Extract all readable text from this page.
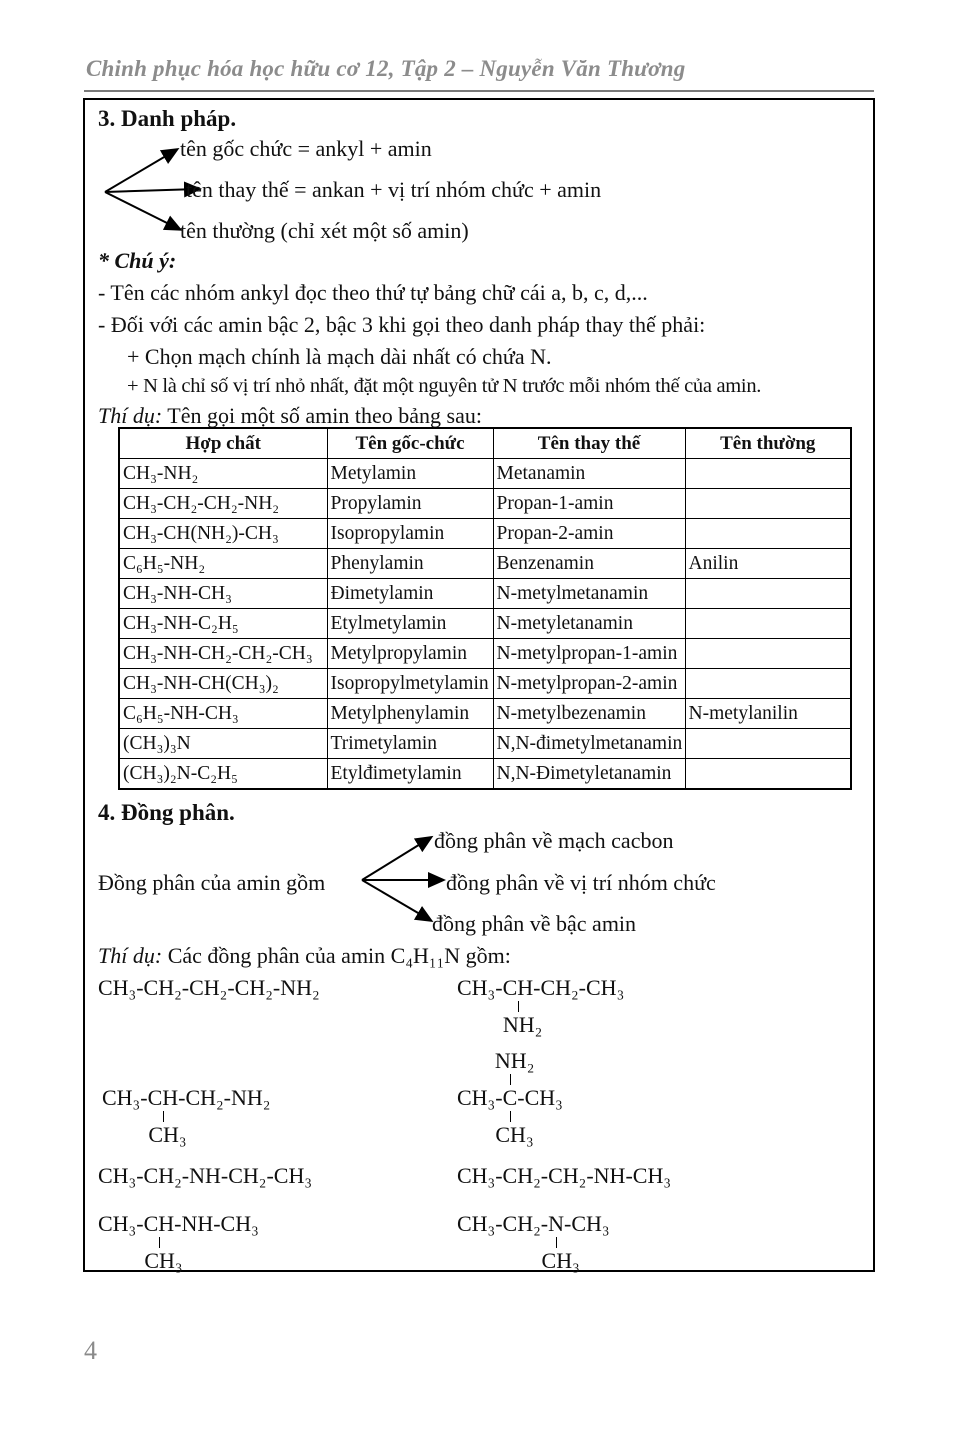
Chinh phục hóa học hữu cơ 12, Tập 2 – Nguyễn Văn Thương
3. Danh pháp.
tên gốc chức = ankyl + amin
tên thay thế = ankan + vị trí nhóm chức + amin
tên thường (chỉ xét một số amin)
* Chú ý:
- Tên các nhóm ankyl đọc theo thứ tự bảng chữ cái a, b, c, d,...
- Đối với các amin bậc 2, bậc 3 khi gọi theo danh pháp thay thế phải:
+ Chọn mạch chính là mạch dài nhất có chứa N.
+ N là chỉ số vị trí nhỏ nhất, đặt một nguyên tử N trước mỗi nhóm thế của amin.
Thí dụ: Tên gọi một số amin theo bảng sau:
Hợp chất	Tên gốc-chức	Tên thay thế	Tên thường
CH₃-NH₂	Metylamin	Metanamin	
CH₃-CH₂-CH₂-NH₂	Propylamin	Propan-1-amin	
CH₃-CH(NH₂)-CH₃	Isopropylamin	Propan-2-amin	
C₆H₅-NH₂	Phenylamin	Benzenamin	Anilin
CH₃-NH-CH₃	Đimetylamin	N-metylmetanamin	
CH₃-NH-C₂H₅	Etylmetylamin	N-metyletanamin	
CH₃-NH-CH₂-CH₂-CH₃	Metylpropylamin	N-metylpropan-1-amin	
CH₃-NH-CH(CH₃)₂	Isopropylmetylamin	N-metylpropan-2-amin	
C₆H₅-NH-CH₃	Metylphenylamin	N-metylbezenamin	N-metylanilin
(CH₃)₃N	Trimetylamin	N,N-đimetylmetanamin	
(CH₃)₂N-C₂H₅	Etylđimetylamin	N,N-Đimetyletanamin	
4. Đồng phân.
Đồng phân của amin gồm
đồng phân về mạch cacbon
đồng phân về vị trí nhóm chức
đồng phân về bậc amin
Thí dụ: Các đồng phân của amin C₄H₁₁N gồm:
CH₃-CH₂-CH₂-CH₂-NH₂	CH₃-CH
NH₂
-CH₂-CH₃
CH₃-CH
CH₃
-CH₂-NH₂	CH₃-C
NH₂
CH₃
-CH₃
CH₃-CH₂-NH-CH₂-CH₃	CH₃-CH₂-CH₂-NH-CH₃
CH₃-CH
CH₃
-NH-CH₃	CH₃-CH₂-N
CH₃
-CH₃
4
